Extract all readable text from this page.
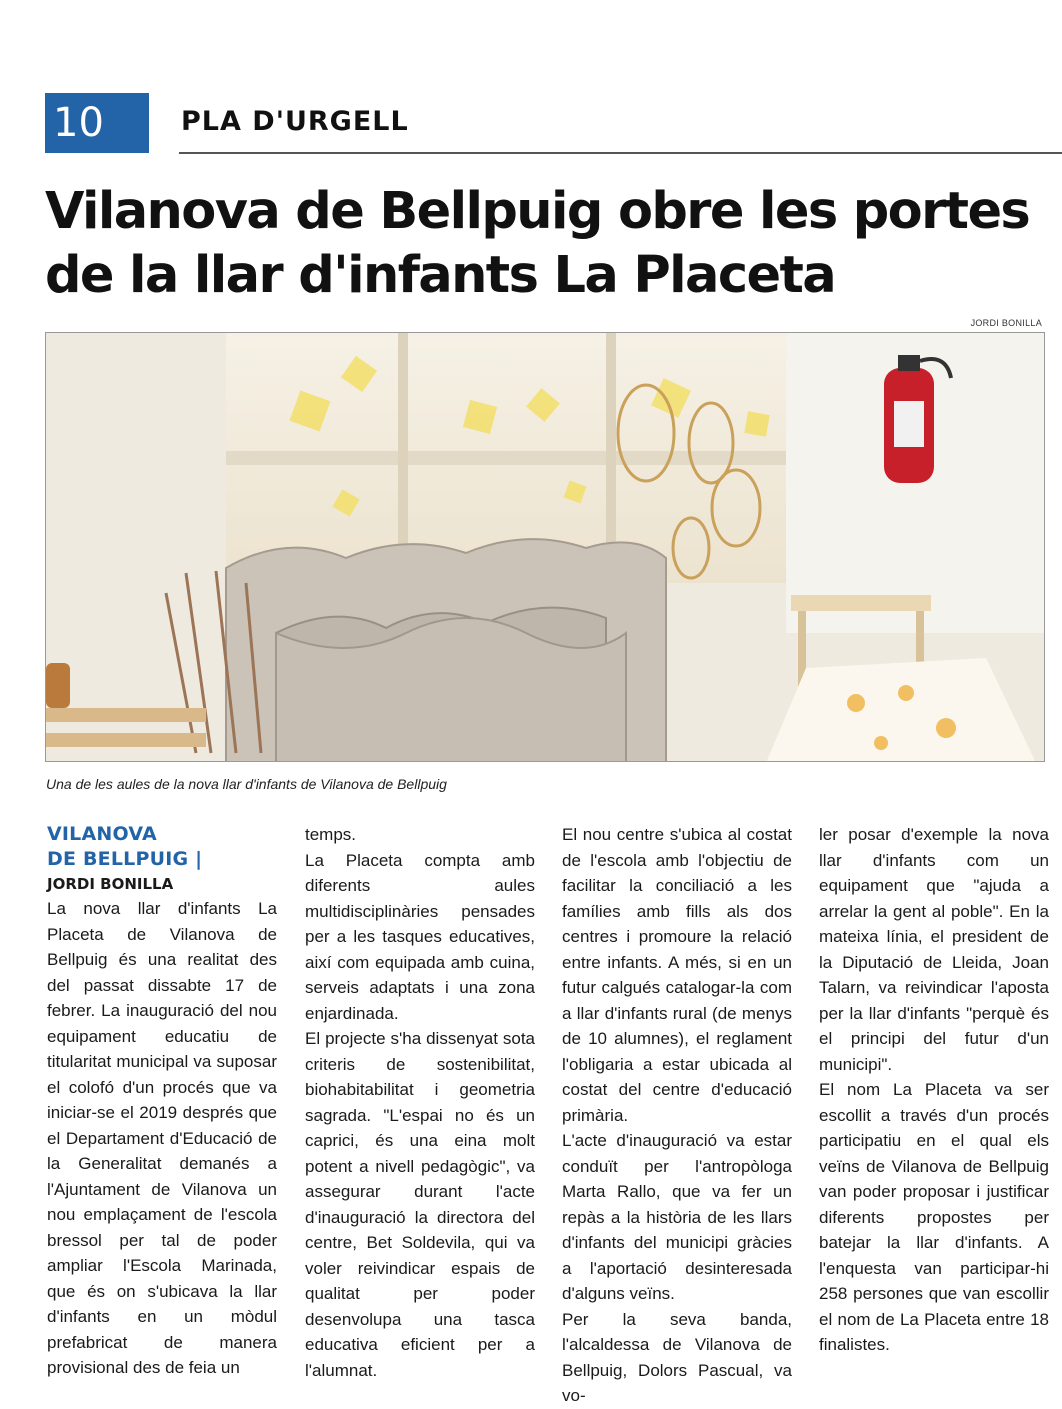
10	PLA D'URGELL
Vilanova de Bellpuig obre les portes
de la llar d'infants La Placeta
JORDI BONILLA
Una de les aules de la nova llar d'infants de Vilanova de Bellpuig
VILANOVA
DE BELLPUIG |
JORDI BONILLA

La nova llar d'infants La Placeta de Vilanova de Bellpuig és una realitat des del passat dissabte 17 de febrer. La inauguració del nou equipament educatiu de titularitat municipal va suposar el colofó d'un procés que va iniciar-se el 2019 després que el Departament d'Educació de la Generalitat demanés a l'Ajuntament de Vilanova un nou emplaçament de l'escola bressol per tal de poder ampliar l'Escola Marinada, que és on s'ubicava la llar d'infants en un mòdul prefabricat de manera provisional des de feia un

temps.

La Placeta compta amb diferents aules multidisciplinàries pensades per a les tasques educatives, així com equipada amb cuina, serveis adaptats i una zona enjardinada.

El projecte s'ha dissenyat sota criteris de sostenibilitat, biohabitabilitat i geometria sagrada. "L'espai no és un caprici, és una eina molt potent a nivell pedagògic", va assegurar durant l'acte d'inauguració la directora del centre, Bet Soldevila, qui va voler reivindicar espais de qualitat per poder desenvolupa una tasca educativa eficient per a l'alumnat.

El nou centre s'ubica al costat de l'escola amb l'objectiu de facilitar la conciliació a les famílies amb fills als dos centres i promoure la relació entre infants. A més, si en un futur calgués catalogar-la com a llar d'infants rural (de menys de 10 alumnes), el reglament l'obligaria a estar ubicada al costat del centre d'educació primària.

L'acte d'inauguració va estar conduït per l'antropòloga Marta Rallo, que va fer un repàs a la història de les llars d'infants del municipi gràcies a l'aportació desinteresada d'alguns veïns.

Per la seva banda, l'alcaldessa de Vilanova de Bellpuig, Dolors Pascual, va vo-

ler posar d'exemple la nova llar d'infants com un equipament que "ajuda a arrelar la gent al poble". En la mateixa línia, el president de la Diputació de Lleida, Joan Talarn, va reivindicar l'aposta per la llar d'infants "perquè és el principi del futur d'un municipi".

El nom La Placeta va ser escollit a través d'un procés participatiu en el qual els veïns de Vilanova de Bellpuig van poder proposar i justificar diferents propostes per batejar la llar d'infants. A l'enquesta van participar-hi 258 persones que van escollir el nom de La Placeta entre 18 finalistes.
